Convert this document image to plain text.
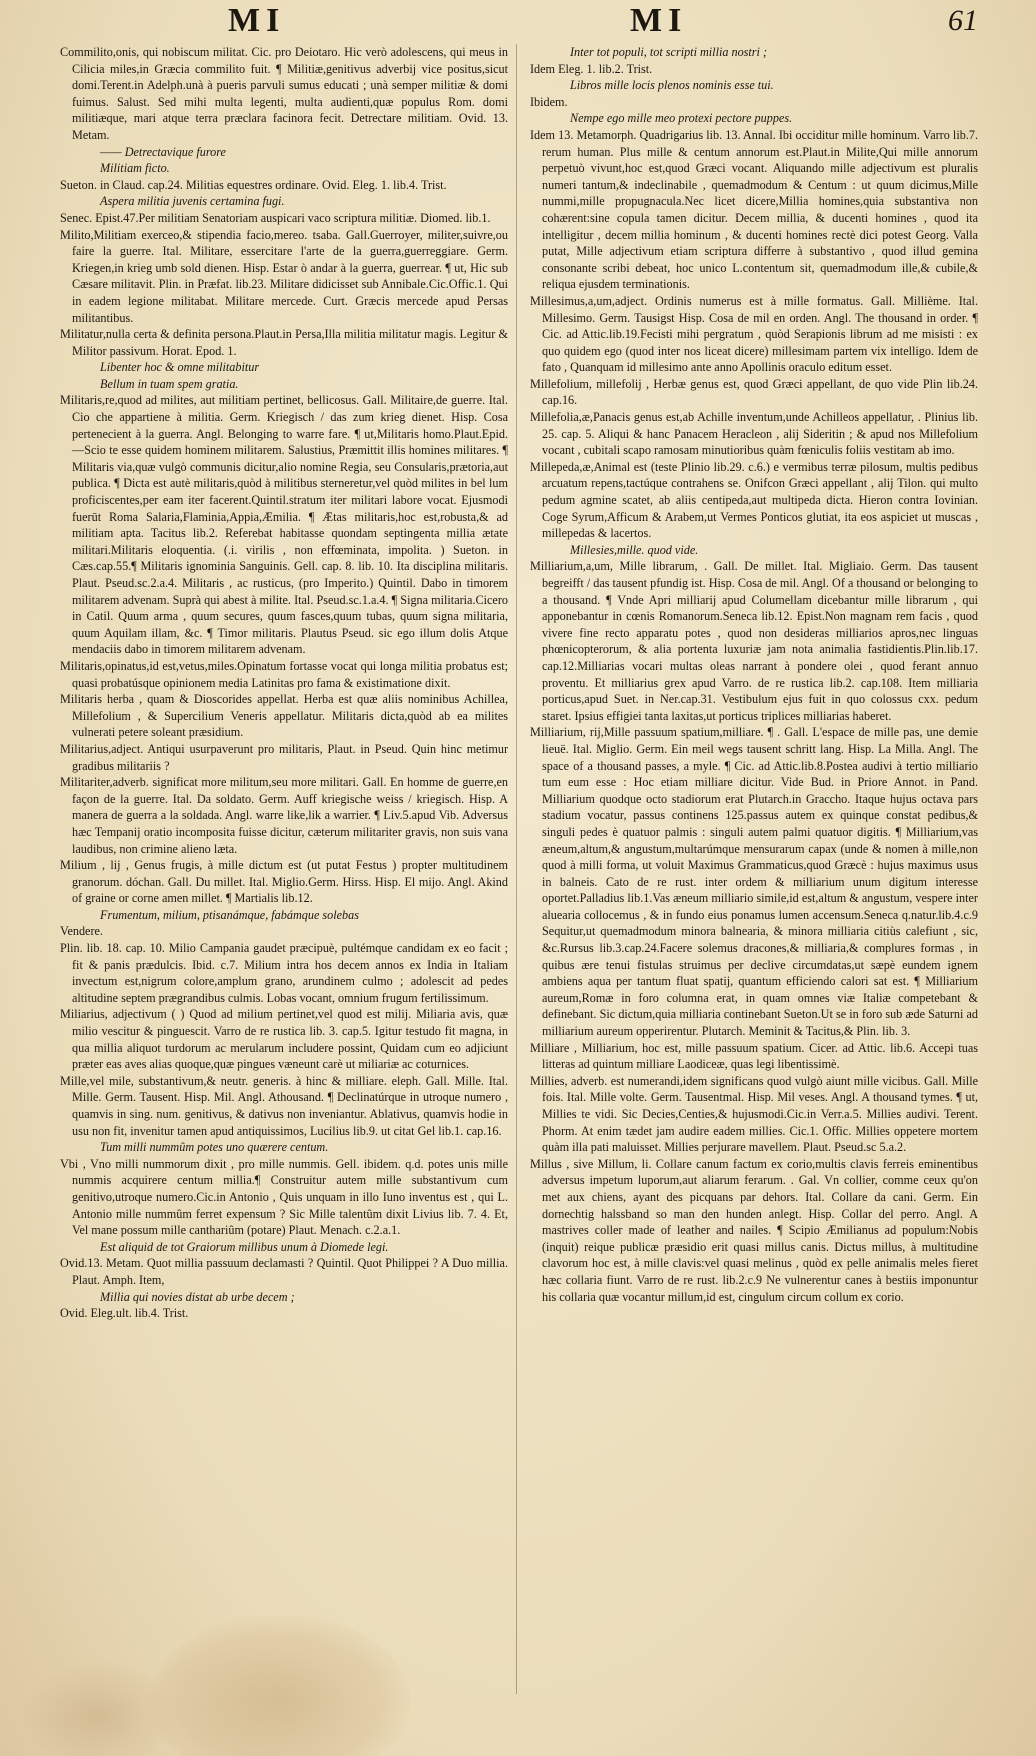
MI	MI	61

Commilito,onis, qui nobiscum militat. Cic. pro Deiotaro. Hic verò adolescens, qui meus in Cilicia miles,in Græcia commilito fuit. ¶ Militiæ,genitivus adverbij vice positus,sicut domi.Terent.in Adelph.unà à pueris parvuli sumus educati ; unà semper militiæ & domi fuimus. Salust. Sed mihi multa legenti, multa audienti,quæ populus Rom. domi militiæque, mari atque terra præclara facinora fecit. Detrectare militiam. Ovid. 13. Metam.

—— Detrectavique furore

Militiam ficto.

Sueton. in Claud. cap.24. Militias equestres ordinare. Ovid. Eleg. 1. lib.4. Trist.

Aspera militia juvenis certamina fugi.

Senec. Epist.47.Per militiam Senatoriam auspicari vaco scriptura militiæ. Diomed. lib.1.

Milito,Militiam exerceo,& stipendia facio,mereo. tsaba. Gall.Guerroyer, militer,suivre,ou faire la guerre. Ital. Militare, essercitare l'arte de la guerra,guerreggiare. Germ. Kriegen,in krieg umb sold dienen. Hisp. Estar ò andar à la guerra, guerrear. ¶ ut, Hic sub Cæsare militavit. Plin. in Præfat. lib.23. Militare didicisset sub Annibale.Cic.Offic.1. Qui in eadem legione militabat. Militare mercede. Curt. Græcis mercede apud Persas militantibus.

Militatur,nulla certa & definita persona.Plaut.in Persa,Illa militia militatur magis. Legitur & Militor passivum. Horat. Epod. 1.

Libenter hoc & omne militabitur

Bellum in tuam spem gratia.

Militaris,re,quod ad milites, aut militiam pertinet, bellicosus. Gall. Militaire,de guerre. Ital. Cio che appartiene à militia. Germ. Kriegisch / das zum krieg dienet. Hisp. Cosa pertenecient à la guerra. Angl. Belonging to warre fare. ¶ ut,Militaris homo.Plaut.Epid. —Scio te esse quidem hominem militarem. Salustius, Præmittit illis homines militares. ¶ Militaris via,quæ vulgò communis dicitur,alio nomine Regia, seu Consularis,prætoria,aut publica. ¶ Dicta est autè militaris,quòd à militibus sterneretur,vel quòd milites in bel lum proficiscentes,per eam iter facerent.Quintil.stratum iter militari labore vocat. Ejusmodi fuerūt Roma Salaria,Flaminia,Appia,Æmilia. ¶ Ætas militaris,hoc est,robusta,& ad militiam apta. Tacitus lib.2. Referebat habitasse quondam septingenta millia ætate militari.Militaris eloquentia. (.i. virilis , non effœminata, impolita. ) Sueton. in Cæs.cap.55.¶ Militaris ignominia Sanguinis. Gell. cap. 8. lib. 10. Ita disciplina militaris. Plaut. Pseud.sc.2.a.4. Militaris , ac rusticus, (pro Imperito.) Quintil. Dabo in timorem militarem advenam. Suprà qui abest à milite. Ital. Pseud.sc.1.a.4. ¶ Signa militaria.Cicero in Catil. Quum arma , quum secures, quum fasces,quum tubas, quum signa militaria, quum Aquilam illam, &c. ¶ Timor militaris. Plautus Pseud. sic ego illum dolis Atque mendaciis dabo in timorem militarem advenam.

Militaris,opinatus,id est,vetus,miles.Opinatum fortasse vocat qui longa militia probatus est; quasi probatúsque opinionem media Latinitas pro fama & existimatione dixit.

Militaris herba , quam & Dioscorides appellat. Herba est quæ aliis nominibus Achillea, Millefolium , & Supercilium Veneris appellatur. Militaris dicta,quòd ab ea milites vulnerati petere soleant præsidium.

Militarius,adject. Antiqui usurpaverunt pro militaris, Plaut. in Pseud. Quin hinc metimur gradibus militariis ?

Militariter,adverb. significat more militum,seu more militari. Gall. En homme de guerre,en façon de la guerre. Ital. Da soldato. Germ. Auff kriegische weiss / kriegisch. Hisp. A manera de guerra a la soldada. Angl. warre like,lik a warrier. ¶ Liv.5.apud Vib. Adversus hæc Tempanij oratio incomposita fuisse dicitur, cæterum militariter gravis, non suis vana laudibus, non crimine alieno læta.

Milium , lij , Genus frugis, à mille dictum est (ut putat Festus ) propter multitudinem granorum. dóchan. Gall. Du millet. Ital. Miglio.Germ. Hirss. Hisp. El mijo. Angl. Akind of graine or corne amen millet. ¶ Martialis lib.12.

Frumentum, milium, ptisanámque, fabámque solebas

Vendere.

Plin. lib. 18. cap. 10. Milio Campania gaudet præcipuè, pultémque candidam ex eo facit ; fit & panis prædulcis. Ibid. c.7. Milium intra hos decem annos ex India in Italiam invectum est,nigrum colore,amplum grano, arundinem culmo ; adolescit ad pedes altitudine septem prægrandibus culmis. Lobas vocant, omnium frugum fertilissimum.

Miliarius, adjectivum ( ) Quod ad milium pertinet,vel quod est milij. Miliaria avis, quæ milio vescitur & pinguescit. Varro de re rustica lib. 3. cap.5. Igitur testudo fit magna, in qua millia aliquot turdorum ac merularum includere possint, Quidam cum eo adjiciunt præter eas aves alias quoque,quæ pingues væneunt carè ut miliariæ ac coturnices.

Mille,vel mile, substantivum,& neutr. generis. à hinc & milliare. eleph. Gall. Mille. Ital. Mille. Germ. Tausent. Hisp. Mil. Angl. Athousand. ¶ Declinatúrque in utroque numero , quamvis in sing. num. genitivus, & dativus non inveniantur. Ablativus, quamvis hodie in usu non fit, invenitur tamen apud antiquissimos, Lucilius lib.9. ut citat Gel lib.1. cap.16.

Tum milli nummûm potes uno quærere centum.

Vbi , Vno milli nummorum dixit , pro mille nummis. Gell. ibidem. q.d. potes unis mille nummis acquirere centum millia.¶ Construitur autem mille substantivum cum genitivo,utroque numero.Cic.in Antonio , Quis unquam in illo Iuno inventus est , qui L. Antonio mille nummûm ferret expensum ? Sic Mille talentûm dixit Livius lib. 7. 4. Et, Vel mane possum mille canthariûm (potare) Plaut. Menach. c.2.a.1.

Est aliquid de tot Graiorum millibus unum à Diomede legi.

Ovid.13. Metam. Quot millia passuum declamasti ? Quintil. Quot Philippei ? A Duo millia. Plaut. Amph. Item,

Millia qui novies distat ab urbe decem ;

Ovid. Eleg.ult. lib.4. Trist.

Inter tot populi, tot scripti millia nostri ;

Idem Eleg. 1. lib.2. Trist.

Libros mille locis plenos nominis esse tui.

Ibidem.

Nempe ego mille meo protexi pectore puppes.

Idem 13. Metamorph. Quadrigarius lib. 13. Annal. Ibi occiditur mille hominum. Varro lib.7. rerum human. Plus mille & centum annorum est.Plaut.in Milite,Qui mille annorum perpetuò vivunt,hoc est,quod Græci vocant. Aliquando mille adjectivum est pluralis numeri tantum,& indeclinabile , quemadmodum & Centum : ut quum dicimus,Mille nummi,mille propugnacula.Nec licet dicere,Millia homines,quia substantiva non cohærent:sine copula tamen dicitur. Decem millia, & ducenti homines , quod ita intelligitur , decem millia hominum , & ducenti homines rectè dici potest Georg. Valla putat, Mille adjectivum etiam scriptura differre à substantivo , quod illud gemina consonante scribi debeat, hoc unico L.contentum sit, quemadmodum ille,& cubile,& reliqua ejusdem terminationis.

Millesimus,a,um,adject. Ordinis numerus est à mille formatus. Gall. Millième. Ital. Millesimo. Germ. Tausigst Hisp. Cosa de mil en orden. Angl. The thousand in order. ¶ Cic. ad Attic.lib.19.Fecisti mihi pergratum , quòd Serapionis librum ad me misisti : ex quo quidem ego (quod inter nos liceat dicere) millesimam partem vix intelligo. Idem de fato , Quanquam id millesimo ante anno Apollinis oraculo editum esset.

Millefolium, millefolij , Herbæ genus est, quod Græci appellant, de quo vide Plin lib.24. cap.16.

Millefolia,æ,Panacis genus est,ab Achille inventum,unde Achilleos appellatur, . Plinius lib. 25. cap. 5. Aliqui & hanc Panacem Heracleon , alij Sideritin ; & apud nos Millefolium vocant , cubitali scapo ramosam minutioribus quàm fœniculis foliis vestitam ab imo.

Millepeda,æ,Animal est (teste Plinio lib.29. c.6.) e vermibus terræ pilosum, multis pedibus arcuatum repens,tactúque contrahens se. Onifcon Græci appellant , alij Tilon. qui multo pedum agmine scatet, ab aliis centipeda,aut multipeda dicta. Hieron contra Iovinian. Coge Syrum,Afficum & Arabem,ut Vermes Ponticos glutiat, ita eos aspiciet ut muscas , millepedas & lacertos.

Millesies,mille. quod vide.

Milliarium,a,um, Mille librarum, . Gall. De millet. Ital. Migliaio. Germ. Das tausent begreifft / das tausent pfundig ist. Hisp. Cosa de mil. Angl. Of a thousand or belonging to a thousand. ¶ Vnde Apri milliarij apud Columellam dicebantur mille librarum , qui apponebantur in cœnis Romanorum.Seneca lib.12. Epist.Non magnam rem facis , quod vivere fine recto apparatu potes , quod non desideras milliarios apros,nec linguas phœnicopterorum, & alia portenta luxuriæ jam nota animalia fastidientis.Plin.lib.17. cap.12.Milliarias vocari multas oleas narrant à pondere olei , quod ferant annuo proventu. Et milliarius grex apud Varro. de re rustica lib.2. cap.108. Item milliaria porticus,apud Suet. in Ner.cap.31. Vestibulum ejus fuit in quo colossus cxx. pedum staret. Ipsius effigiei tanta laxitas,ut porticus triplices milliarias haberet.

Milliarium, rij,Mille passuum spatium,milliare. ¶ . Gall. L'espace de mille pas, une demie lieuë. Ital. Miglio. Germ. Ein meil wegs tausent schritt lang. Hisp. La Milla. Angl. The space of a thousand passes, a myle. ¶ Cic. ad Attic.lib.8.Postea audivi à tertio milliario tum eum esse : Hoc etiam milliare dicitur. Vide Bud. in Priore Annot. in Pand. Milliarium quodque octo stadiorum erat Plutarch.in Graccho. Itaque hujus octava pars stadium vocatur, passus continens 125.passus autem ex quinque constat pedibus,& singuli pedes è quatuor palmis : singuli autem palmi quatuor digitis. ¶ Milliarium,vas æneum,altum,& angustum,multarúmque mensurarum capax (unde & nomen à mille,non quod à milli forma, ut voluit Maximus Grammaticus,quod Græcè : hujus maximus usus in balneis. Cato de re rust. inter ordem & milliarium unum digitum interesse oportet.Palladius lib.1.Vas æneum milliario simile,id est,altum & angustum, vespere inter aluearia collocemus , & in fundo eius ponamus lumen accensum.Seneca q.natur.lib.4.c.9 Sequitur,ut quemadmodum minora balnearia, & minora milliaria citiùs calefiunt , sic, &c.Rursus lib.3.cap.24.Facere solemus dracones,& milliaria,& complures formas , in quibus ære tenui fistulas struimus per declive circumdatas,ut sæpè eundem ignem ambiens aqua per tantum fluat spatij, quantum efficiendo calori sat est. ¶ Milliarium aureum,Romæ in foro columna erat, in quam omnes viæ Italiæ competebant & definebant. Sic dictum,quia milliaria continebant Sueton.Ut se in foro sub æde Saturni ad milliarium aureum opperirentur. Plutarch. Meminit & Tacitus,& Plin. lib. 3.

Milliare , Milliarium, hoc est, mille passuum spatium. Cicer. ad Attic. lib.6. Accepi tuas litteras ad quintum milliare Laodiceæ, quas legi libentissimè.

Millies, adverb. est numerandi,idem significans quod vulgò aiunt mille vicibus. Gall. Mille fois. Ital. Mille volte. Germ. Tausentmal. Hisp. Mil veses. Angl. A thousand tymes. ¶ ut, Millies te vidi. Sic Decies,Centies,& hujusmodi.Cic.in Verr.a.5. Millies audivi. Terent. Phorm. At enim tædet jam audire eadem millies. Cic.1. Offic. Millies oppetere mortem quàm illa pati maluisset. Millies perjurare mavellem. Plaut. Pseud.sc 5.a.2.

Millus , sive Millum, li. Collare canum factum ex corio,multis clavis ferreis eminentibus adversus impetum luporum,aut aliarum ferarum. . Gal. Vn collier, comme ceux qu'on met aux chiens, ayant des picquans par dehors. Ital. Collare da cani. Germ. Ein dornechtig halssband so man den hunden anlegt. Hisp. Collar del perro. Angl. A mastrives coller made of leather and nailes. ¶ Scipio Æmilianus ad populum:Nobis (inquit) reique publicæ præsidio erit quasi millus canis. Dictus millus, à multitudine clavorum hoc est, à mille clavis:vel quasi melinus , quòd ex pelle animalis meles fieret hæc collaria fiunt. Varro de re rust. lib.2.c.9 Ne vulnerentur canes à bestiis imponuntur his collaria quæ vocantur millum,id est, cingulum circum collum ex corio.
